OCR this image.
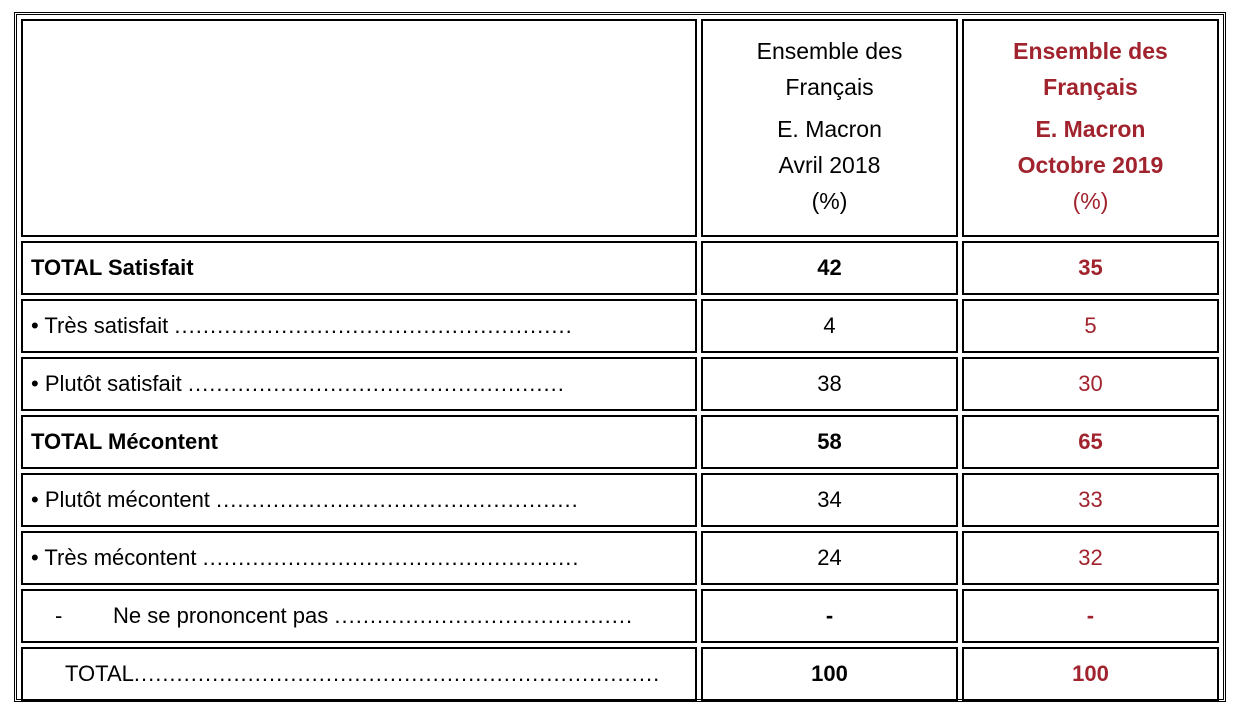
	Ensemble des
Français
E. Macron
Avril 2018
(%)	Ensemble des
Français
E. Macron
Octobre 2019
(%)

TOTAL Satisfait	42	35
• Très satisfait ........................................................	4	5
• Plutôt satisfait .....................................................	38	30
TOTAL Mécontent	58	65
• Plutôt mécontent ...................................................	34	33
• Très mécontent .....................................................	24	32
- Ne se prononcent pas ..........................................	-	-
TOTAL..........................................................................	100	100
